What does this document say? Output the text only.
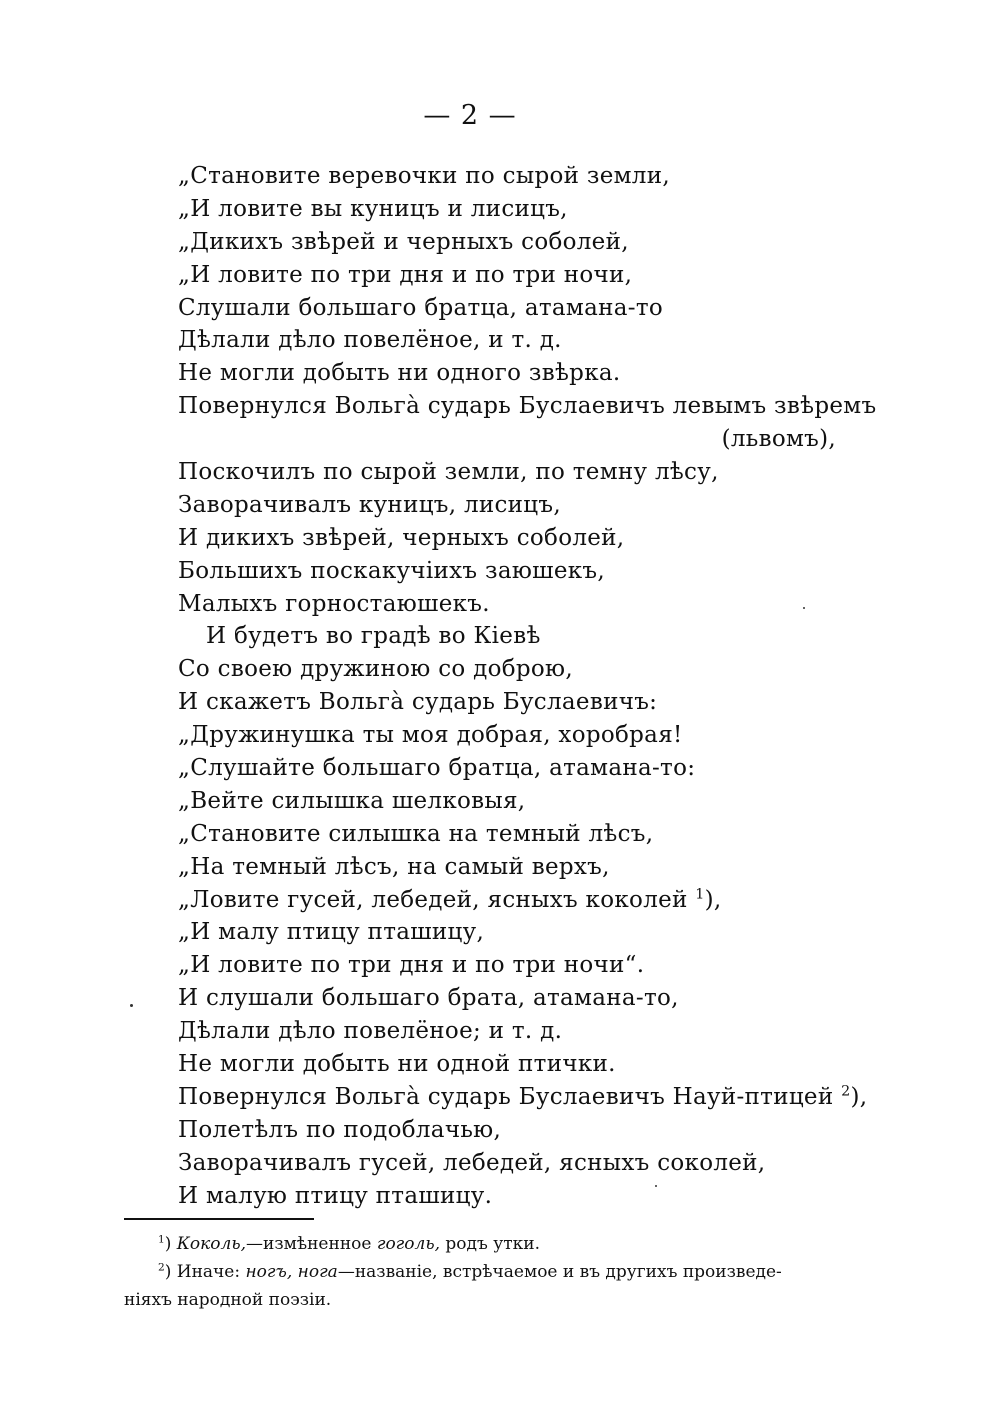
— 2 —
„Становите веревочки по сырой земли,
„И ловите вы куницъ и лисицъ,
„Дикихъ звѣрей и черныхъ соболей,
„И ловите по три дня и по три ночи,
Слушали большаго братца, атамана-то
Дѣлали дѣло повелёное, и т. д.
Не могли добыть ни одного звѣрка.
Повернулся Вольга̀ сударь Буслаевичъ левымъ звѣремъ
(львомъ),
Поскочилъ по сырой земли, по темну лѣсу,
Заворачивалъ куницъ, лисицъ,
И дикихъ звѣрей, черныхъ соболей,
Большихъ поскакучiихъ заюшекъ,
Малыхъ горностаюшекъ.
И будетъ во градѣ во Кiевѣ
Со своею дружиною со доброю,
И скажетъ Вольга̀ сударь Буслаевичъ:
„Дружинушка ты моя добрая, хоробрая!
„Слушайте большаго братца, атамана-то:
„Вейте силышка шелковыя,
„Становите силышка на темный лѣсъ,
„На темный лѣсъ, на самый верхъ,
„Ловите гусей, лебедей, ясныхъ коколей $^1$),
„И малу птицу пташицу,
„И ловите по три дня и по три ночи“.
И слушали большаго брата, атамана-то,
Дѣлали дѣло повелёное; и т. д.
Не могли добыть ни одной птички.
Повернулся Вольга̀ сударь Буслаевичъ Науй-птицей $^2$),
Полетѣлъ по подоблачью,
Заворачивалъ гусей, лебедей, ясныхъ соколей,
И малую птицу пташицу.
$^1$) Коколь,—измѣненное гоголь, родъ утки.
$^2$) Иначе: ногъ, нога—названiе, встрѣчаемое и въ другихъ произведе-
нiяхъ народной поэзiи.
